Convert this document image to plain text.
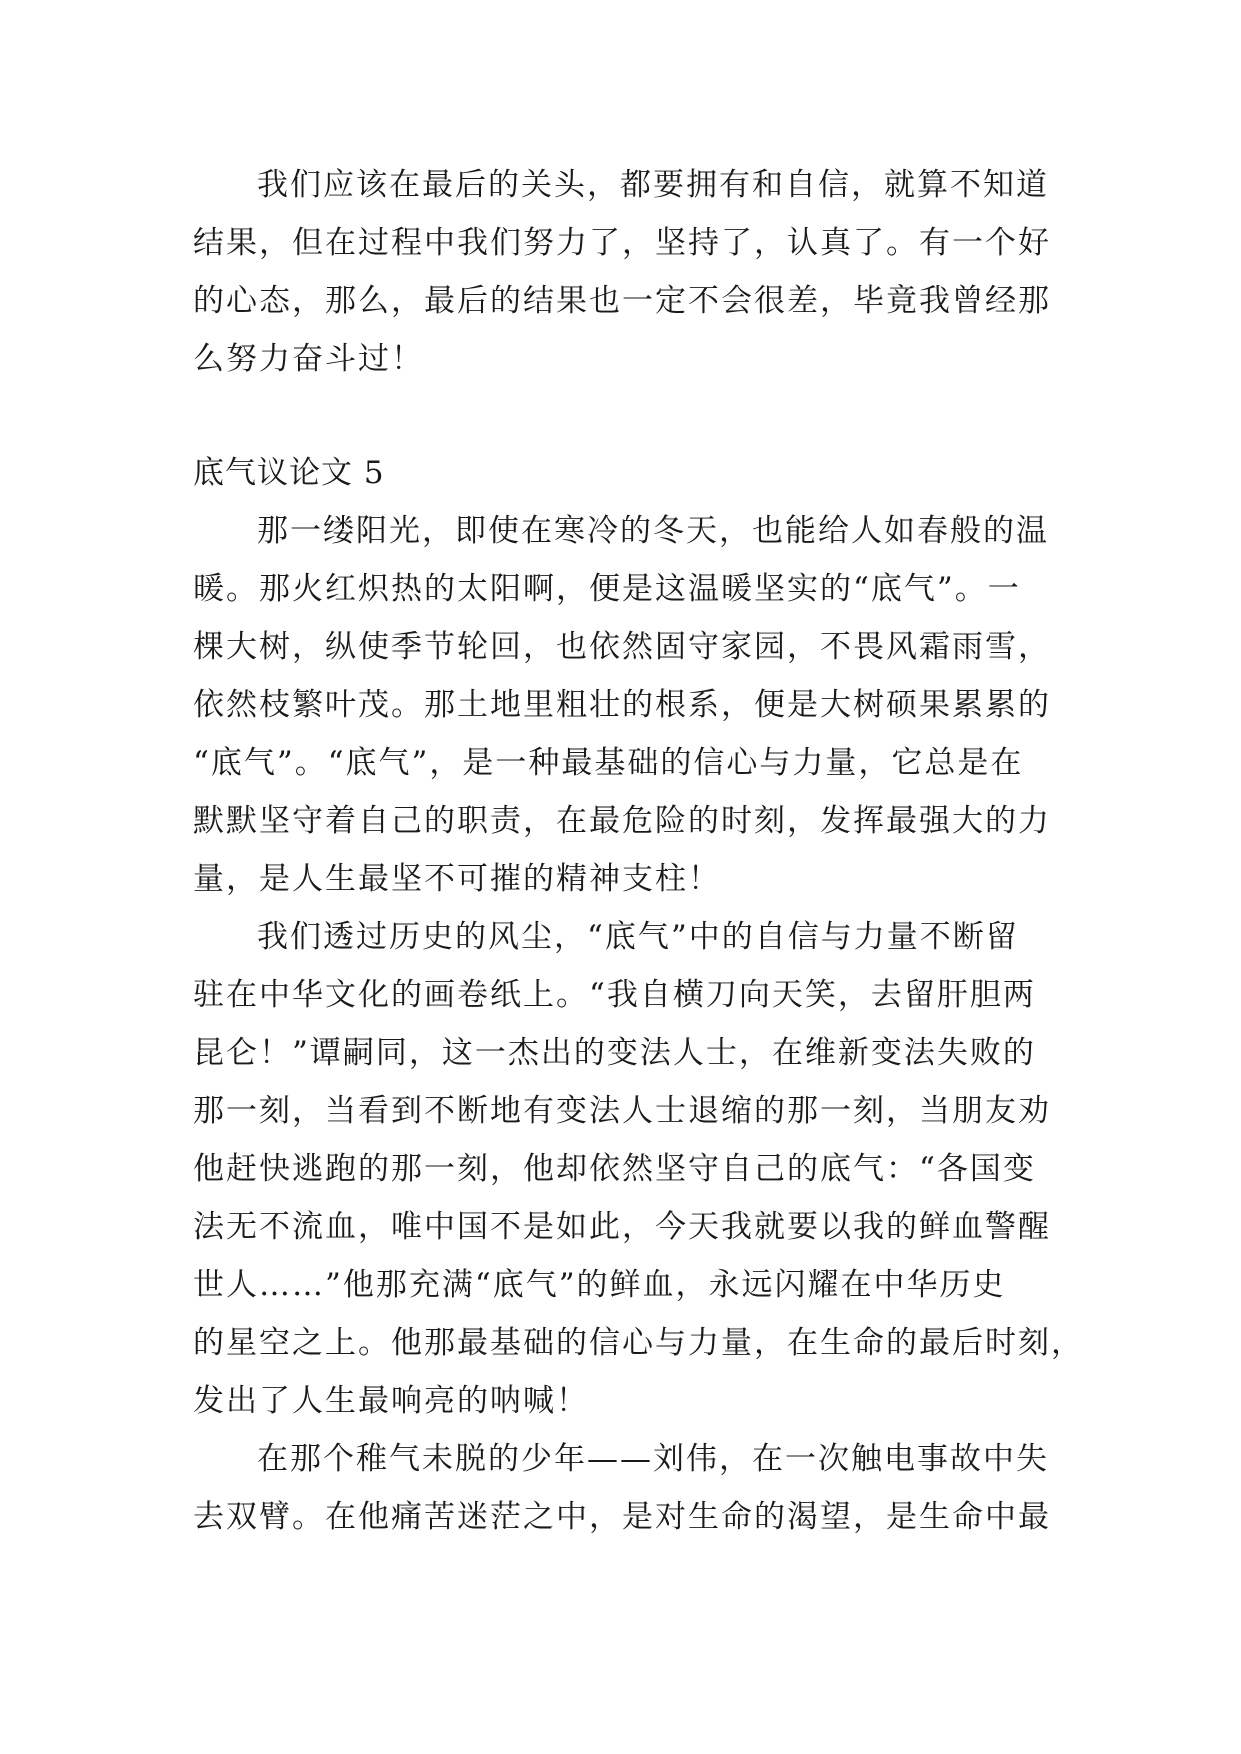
我们应该在最后的关头，都要拥有和自信，就算不知道
结果，但在过程中我们努力了，坚持了，认真了。有一个好
的心态，那么，最后的结果也一定不会很差，毕竟我曾经那
么努力奋斗过！
底气议论文 5
那一缕阳光，即使在寒冷的冬天，也能给人如春般的温
暖。那火红炽热的太阳啊，便是这温暖坚实的“底气”。一
棵大树，纵使季节轮回，也依然固守家园，不畏风霜雨雪，
依然枝繁叶茂。那土地里粗壮的根系，便是大树硕果累累的
“底气”。“底气”，是一种最基础的信心与力量，它总是在
默默坚守着自己的职责，在最危险的时刻，发挥最强大的力
量，是人生最坚不可摧的精神支柱！
我们透过历史的风尘，“底气”中的自信与力量不断留
驻在中华文化的画卷纸上。“我自横刀向天笑，去留肝胆两
昆仑！”谭嗣同，这一杰出的变法人士，在维新变法失败的
那一刻，当看到不断地有变法人士退缩的那一刻，当朋友劝
他赶快逃跑的那一刻，他却依然坚守自己的底气：“各国变
法无不流血，唯中国不是如此，今天我就要以我的鲜血警醒
世人……”他那充满“底气”的鲜血，永远闪耀在中华历史
的星空之上。他那最基础的信心与力量，在生命的最后时刻，
发出了人生最响亮的呐喊！
在那个稚气未脱的少年——刘伟，在一次触电事故中失
去双臂。在他痛苦迷茫之中，是对生命的渴望，是生命中最
